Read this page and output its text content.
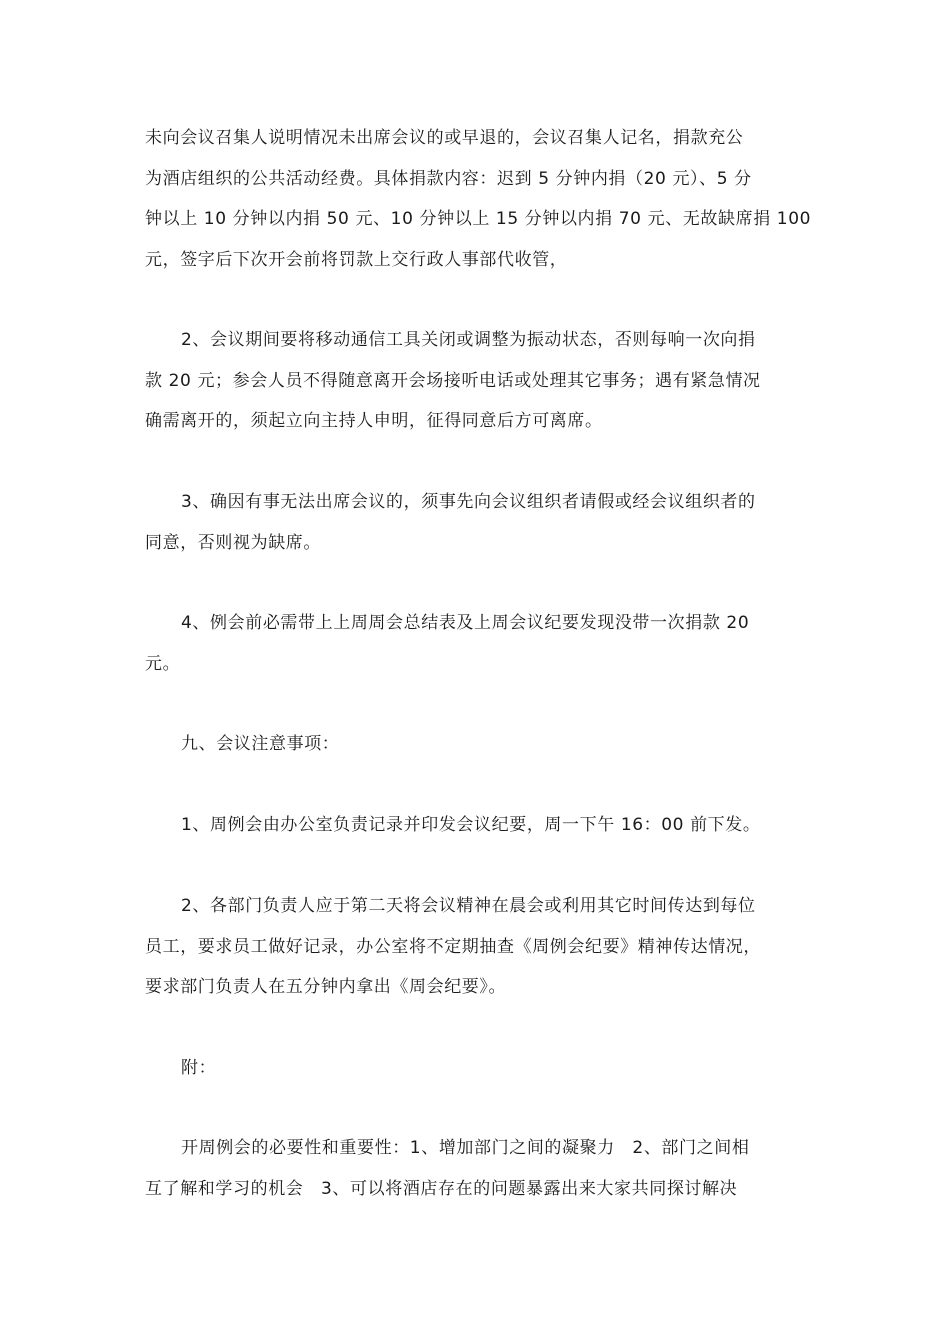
未向会议召集人说明情况未出席会议的或早退的，会议召集人记名，捐款充公
为酒店组织的公共活动经费。具体捐款内容：迟到 5 分钟内捐（20 元）、5 分
钟以上 10 分钟以内捐 50 元、10 分钟以上 15 分钟以内捐 70 元、无故缺席捐 100
元，签字后下次开会前将罚款上交行政人事部代收管，

2、会议期间要将移动通信工具关闭或调整为振动状态，否则每响一次向捐
款 20 元；参会人员不得随意离开会场接听电话或处理其它事务；遇有紧急情况
确需离开的，须起立向主持人申明，征得同意后方可离席。

3、确因有事无法出席会议的，须事先向会议组织者请假或经会议组织者的
同意，否则视为缺席。

4、例会前必需带上上周周会总结表及上周会议纪要发现没带一次捐款 20
元。

九、会议注意事项：

1、周例会由办公室负责记录并印发会议纪要，周一下午 16：00 前下发。

2、各部门负责人应于第二天将会议精神在晨会或利用其它时间传达到每位
员工，要求员工做好记录，办公室将不定期抽查《周例会纪要》精神传达情况，
要求部门负责人在五分钟内拿出《周会纪要》。

附：

开周例会的必要性和重要性：1、增加部门之间的凝聚力　2、部门之间相
互了解和学习的机会　3、可以将酒店存在的问题暴露出来大家共同探讨解决
